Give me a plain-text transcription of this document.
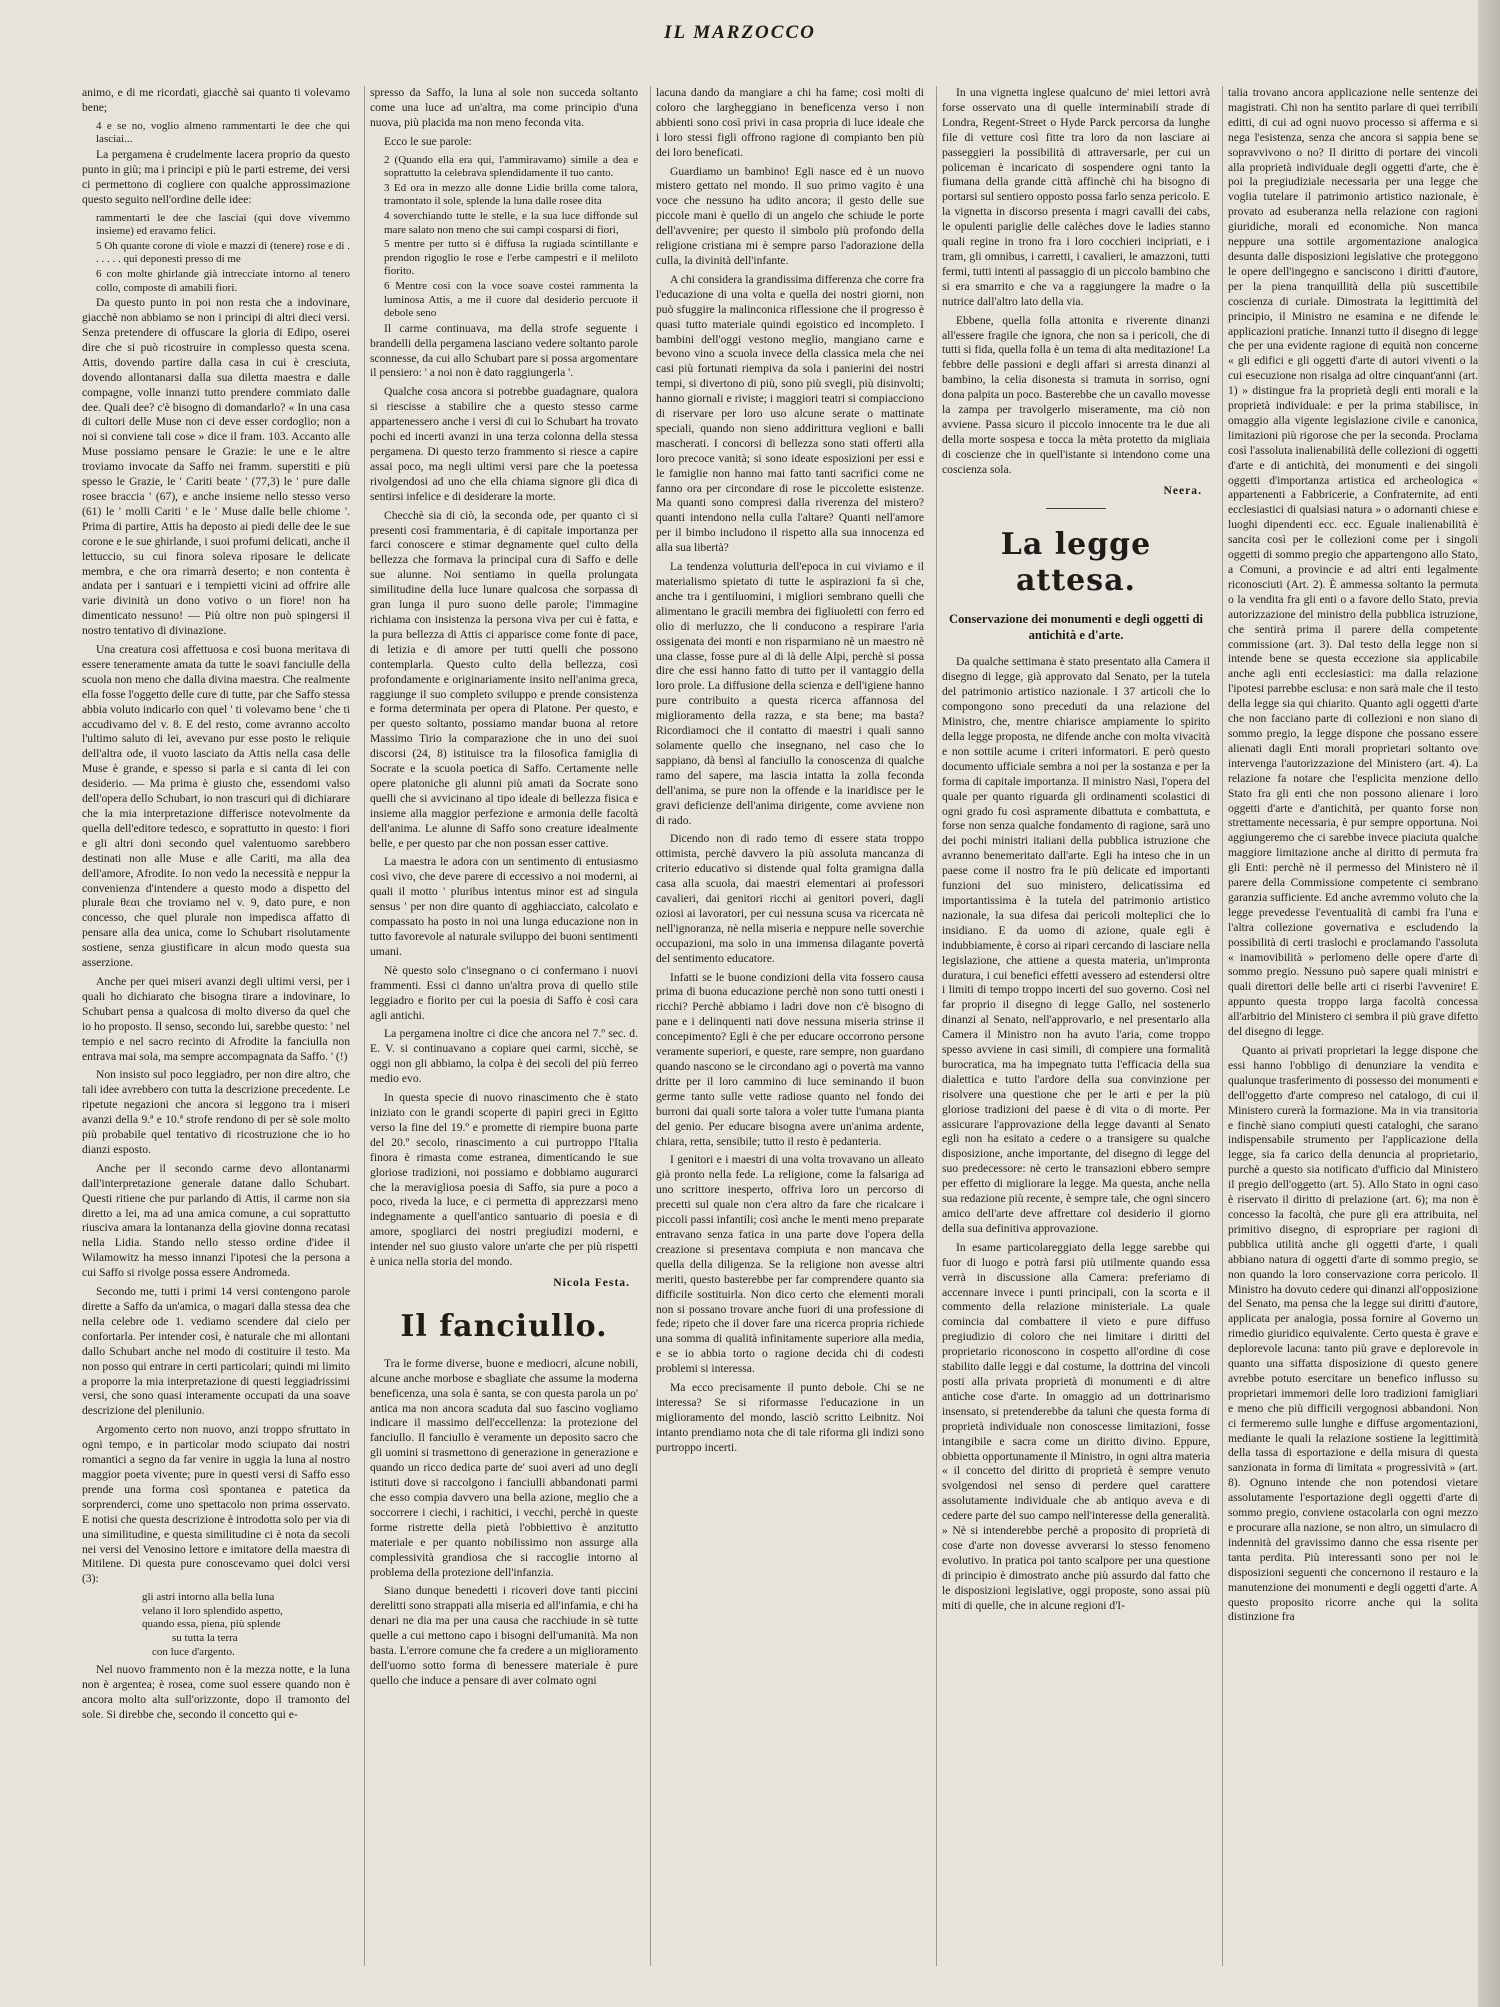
IL MARZOCCO

animo, e di me ricordati, giacchè sai quanto ti volevamo bene;

4 e se no, voglio almeno rammentarti le dee che qui lasciai...

La pergamena è crudelmente lacera proprio da questo punto in giù; ma i principi e più le parti estreme, dei versi ci permettono di cogliere con qualche approssimazione questo seguito nell'ordine delle idee:

rammentarti le dee che lasciai (qui dove vivemmo insieme) ed eravamo felici.

5 Oh quante corone di viole e mazzi di (tenere) rose e di . . . . . . qui deponesti presso di me

6 con molte ghirlande già intrecciate intorno al tenero collo, composte di amabili fiori.

Da questo punto in poi non resta che a indovinare, giacchè non abbiamo se non i principi di altri dieci versi. Senza pretendere di offuscare la gloria di Edipo, oserei dire che si può ricostruire in complesso questa scena. Attis, dovendo partire dalla casa in cui è cresciuta, dovendo allontanarsi dalla sua diletta maestra e dalle compagne, volle innanzi tutto prendere commiato dalle dee. Quali dee? c'è bisogno di domandarlo? « In una casa di cultori delle Muse non ci deve esser cordoglio; non a noi si conviene tali cose » dice il fram. 103. Accanto alle Muse possiamo pensare le Grazie: le une e le altre troviamo invocate da Saffo nei framm. superstiti e più spesso le Grazie, le ' Cariti beate ' (77,3) le ' pure dalle rosee braccia ' (67), e anche insieme nello stesso verso (61) le ' molli Cariti ' e le ' Muse dalle belle chiome '. Prima di partire, Attis ha deposto ai piedi delle dee le sue corone e le sue ghirlande, i suoi profumi delicati, anche il lettuccio, su cui finora soleva riposare le delicate membra, e che ora rimarrà deserto; e non contenta è andata per i santuari e i tempietti vicini ad offrire alle varie divinità un dono votivo o un fiore! non ha dimenticato nessuno! — Più oltre non può spingersi il nostro tentativo di divinazione.

Una creatura così affettuosa e così buona meritava di essere teneramente amata da tutte le soavi fanciulle della scuola non meno che dalla divina maestra. Che realmente ella fosse l'oggetto delle cure di tutte, par che Saffo stessa abbia voluto indicarlo con quel ' ti volevamo bene ' che ti accudivamo del v. 8. E del resto, come avranno accolto l'ultimo saluto di lei, avevano pur esse posto le reliquie dell'altra ode, il vuoto lasciato da Attis nella casa delle Muse è grande, e spesso si parla e si canta di lei con desiderio. — Ma prima è giusto che, essendomi valso dell'opera dello Schubart, io non trascuri qui di dichiarare che la mia interpretazione differisce notevolmente da quella dell'editore tedesco, e soprattutto in questo: i fiori e gli altri doni secondo quel valentuomo sarebbero destinati non alle Muse e alle Cariti, ma alla dea dell'amore, Afrodite. Io non vedo la necessità e neppur la convenienza d'intendere a questo modo a dispetto del plurale θεαι che troviamo nel v. 9, dato pure, e non concesso, che quel plurale non impedisca affatto di pensare alla dea unica, come lo Schubart risolutamente sostiene, senza giustificare in alcun modo questa sua asserzione.

Anche per quei miseri avanzi degli ultimi versi, per i quali ho dichiarato che bisogna tirare a indovinare, lo Schubart pensa a qualcosa di molto diverso da quel che io ho proposto. Il senso, secondo lui, sarebbe questo: ' nel tempio e nel sacro recinto di Afrodite la fanciulla non entrava mai sola, ma sempre accompagnata da Saffo. ' (!)

Non insisto sul poco leggiadro, per non dire altro, che tali idee avrebbero con tutta la descrizione precedente. Le ripetute negazioni che ancora si leggono tra i miseri avanzi della 9.ª e 10.ª strofe rendono di per sè sole molto più probabile quel tentativo di ricostruzione che io ho dianzi esposto.

Anche per il secondo carme devo allontanarmi dall'interpretazione generale datane dallo Schubart. Questi ritiene che pur parlando di Attis, il carme non sia diretto a lei, ma ad una amica comune, a cui soprattutto riusciva amara la lontananza della giovine donna recatasi nella Lidia. Stando nello stesso ordine d'idee il Wilamowitz ha messo innanzi l'ipotesi che la persona a cui Saffo si rivolge possa essere Andromeda.

Secondo me, tutti i primi 14 versi contengono parole dirette a Saffo da un'amica, o magari dalla stessa dea che nella celebre ode 1. vediamo scendere dal cielo per confortarla. Per intender così, è naturale che mi allontani dallo Schubart anche nel modo di costituire il testo. Ma non posso qui entrare in certi particolari; quindi mi limito a proporre la mia interpretazione di questi leggiadrissimi versi, che sono quasi interamente occupati da una soave descrizione del plenilunio.

Argomento certo non nuovo, anzi troppo sfruttato in ogni tempo, e in particolar modo sciupato dai nostri romantici a segno da far venire in uggia la luna al nostro maggior poeta vivente; pure in questi versi di Saffo esso prende una forma così spontanea e patetica da sorprenderci, come uno spettacolo non prima osservato. E notisi che questa descrizione è introdotta solo per via di una similitudine, e questa similitudine ci è nota da secoli nei versi del Venosino lettore e imitatore della maestra di Mitilene. Di questa pure conoscevamo quei dolci versi (3):

gli astri intorno alla bella luna
velano il loro splendido aspetto,
quando essa, piena, più splende
su tutta la terra
con luce d'argento.

Nel nuovo frammento non è la mezza notte, e la luna non è argentea; è rosea, come suol essere quando non è ancora molto alta sull'orizzonte, dopo il tramonto del sole. Si direbbe che, secondo il concetto qui e-

spresso da Saffo, la luna al sole non succeda soltanto come una luce ad un'altra, ma come principio d'una nuova, più placida ma non meno feconda vita.

Ecco le sue parole:

2 (Quando ella era qui, l'ammiravamo) simile a dea e soprattutto la celebrava splendidamente il tuo canto.

3 Ed ora in mezzo alle donne Lidie brilla come talora, tramontato il sole, splende la luna dalle rosee dita

4 soverchiando tutte le stelle, e la sua luce diffonde sul mare salato non meno che sui campi cosparsi di fiori,

5 mentre per tutto si è diffusa la rugiada scintillante e prendon rigoglio le rose e l'erbe campestri e il meliloto fiorito.

6 Mentre così con la voce soave costei rammenta la luminosa Attis, a me il cuore dal desiderio percuote il debole seno

Il carme continuava, ma della strofe seguente i brandelli della pergamena lasciano vedere soltanto parole sconnesse, da cui allo Schubart pare si possa argomentare il pensiero: ' a noi non è dato raggiungerla '.

Qualche cosa ancora si potrebbe guadagnare, qualora si riescisse a stabilire che a questo stesso carme appartenessero anche i versi di cui lo Schubart ha trovato pochi ed incerti avanzi in una terza colonna della stessa pergamena. Di questo terzo frammento si riesce a capire assai poco, ma negli ultimi versi pare che la poetessa rivolgendosi ad uno che ella chiama signore gli dica di sentirsi infelice e di desiderare la morte.

Checchè sia di ciò, la seconda ode, per quanto ci si presenti così frammentaria, è di capitale importanza per farci conoscere e stimar degnamente quel culto della bellezza che formava la principal cura di Saffo e delle sue alunne. Noi sentiamo in quella prolungata similitudine della luce lunare qualcosa che sorpassa di gran lunga il puro suono delle parole; l'immagine richiama con insistenza la persona viva per cui è fatta, e la pura bellezza di Attis ci apparisce come fonte di pace, di letizia e di amore per tutti quelli che possono contemplarla. Questo culto della bellezza, così profondamente e originariamente insito nell'anima greca, raggiunge il suo completo sviluppo e prende consistenza e forma determinata per opera di Platone. Per questo, e per questo soltanto, possiamo mandar buona al retore Massimo Tirio la comparazione che in uno dei suoi discorsi (24, 8) istituisce tra la filosofica famiglia di Socrate e la scuola poetica di Saffo. Certamente nelle opere platoniche gli alunni più amati da Socrate sono quelli che si avvicinano al tipo ideale di bellezza fisica e insieme alla maggior perfezione e armonia delle facoltà dell'anima. Le alunne di Saffo sono creature idealmente belle, e per questo par che non possan esser cattive.

La maestra le adora con un sentimento di entusiasmo così vivo, che deve parere di eccessivo a noi moderni, ai quali il motto ' pluribus intentus minor est ad singula sensus ' per non dire quanto di agghiacciato, calcolato e compassato ha posto in noi una lunga educazione non in tutto favorevole al naturale sviluppo dei buoni sentimenti umani.

Nè questo solo c'insegnano o ci confermano i nuovi frammenti. Essi ci danno un'altra prova di quello stile leggiadro e fiorito per cui la poesia di Saffo è così cara agli antichi.

La pergamena inoltre ci dice che ancora nel 7.º sec. d. E. V. si continuavano a copiare quei carmi, sicchè, se oggi non gli abbiamo, la colpa è dei secoli del più ferreo medio evo.

In questa specie di nuovo rinascimento che è stato iniziato con le grandi scoperte di papiri greci in Egitto verso la fine del 19.º e promette di riempire buona parte del 20.º secolo, rinascimento a cui purtroppo l'Italia finora è rimasta come estranea, dimenticando le sue gloriose tradizioni, noi possiamo e dobbiamo augurarci che la meravigliosa poesia di Saffo, sia pure a poco a poco, riveda la luce, e ci permetta di apprezzarsi meno indegnamente a quell'antico santuario di poesia e di amore, spogliarci dei nostri pregiudizi moderni, e intender nel suo giusto valore un'arte che per più rispetti è unica nella storia del mondo.

Nicola Festa.

Il fanciullo.

Tra le forme diverse, buone e mediocri, alcune nobili, alcune anche morbose e sbagliate che assume la moderna beneficenza, una sola è santa, se con questa parola un po' antica ma non ancora scaduta dal suo fascino vogliamo indicare il massimo dell'eccellenza: la protezione del fanciullo. Il fanciullo è veramente un deposito sacro che gli uomini si trasmettono di generazione in generazione e quando un ricco dedica parte de' suoi averi ad uno degli istituti dove si raccolgono i fanciulli abbandonati parmi che esso compia davvero una bella azione, meglio che a soccorrere i ciechi, i rachitici, i vecchi, perchè in queste forme ristrette della pietà l'obbiettivo è anzitutto materiale e per quanto nobilissimo non assurge alla complessività grandiosa che si raccoglie intorno al problema della protezione dell'infanzia.

Siano dunque benedetti i ricoveri dove tanti piccini derelitti sono strappati alla miseria ed all'infamia, e chi ha denari ne dia ma per una causa che racchiude in sè tutte quelle a cui mettono capo i bisogni dell'umanità. Ma non basta. L'errore comune che fa credere a un miglioramento dell'uomo sotto forma di benessere materiale è pure quello che induce a pensare di aver colmato ogni

lacuna dando da mangiare a chi ha fame; così molti di coloro che largheggiano in beneficenza verso i non abbienti sono così privi in casa propria di luce ideale che i loro stessi figli offrono ragione di compianto ben più dei loro beneficati.

Guardiamo un bambino! Egli nasce ed è un nuovo mistero gettato nel mondo. Il suo primo vagito è una voce che nessuno ha udito ancora; il gesto delle sue piccole mani è quello di un angelo che schiude le porte dell'avvenire; per questo il simbolo più profondo della religione cristiana mi è sempre parso l'adorazione della culla, la divinità dell'infante.

A chi considera la grandissima differenza che corre fra l'educazione di una volta e quella dei nostri giorni, non può sfuggire la malinconica riflessione che il progresso è quasi tutto materiale quindi egoistico ed incompleto. I bambini dell'oggi vestono meglio, mangiano carne e bevono vino a scuola invece della classica mela che nei casi più fortunati riempiva da sola i panierini dei nostri tempi, si divertono di più, sono più svegli, più disinvolti; hanno giornali e riviste; i maggiori teatri si compiacciono di riservare per loro uso alcune serate o mattinate speciali, quando non sieno addirittura veglioni e balli mascherati. I concorsi di bellezza sono stati offerti alla loro precoce vanità; si sono ideate esposizioni per essi e le famiglie non hanno mai fatto tanti sacrifici come ne fanno ora per circondare di rose le piccolette esistenze. Ma quanti sono compresi dalla riverenza del mistero? quanti intendono nella culla l'altare? Quanti nell'amore per il bimbo includono il rispetto alla sua innocenza ed alla sua libertà?

La tendenza volutturia dell'epoca in cui viviamo e il materialismo spietato di tutte le aspirazioni fa sì che, anche tra i gentiluomini, i migliori sembrano quelli che alimentano le gracili membra dei figliuoletti con ferro ed olio di merluzzo, che li conducono a respirare l'aria ossigenata dei monti e non risparmiano nè un maestro nè una classe, fosse pure al di là delle Alpi, perchè si possa dire che essi hanno fatto di tutto per il vantaggio della loro prole. La diffusione della scienza e dell'igiene hanno pure contribuito a questa ricerca affannosa del miglioramento della razza, e sta bene; ma basta? Ricordiamoci che il contatto di maestri i quali sanno solamente quello che insegnano, nel caso che lo sappiano, dà bensì al fanciullo la conoscenza di qualche ramo del sapere, ma lascia intatta la zolla feconda dell'anima, se pure non la offende e la inaridisce per le gravi deficienze dell'anima dirigente, come avviene non di rado.

Dicendo non di rado temo di essere stata troppo ottimista, perchè davvero la più assoluta mancanza di criterio educativo si distende qual folta gramigna dalla casa alla scuola, dai maestri elementari ai professori cavalieri, dai genitori ricchi ai genitori poveri, dagli oziosi ai lavoratori, per cui nessuna scusa va ricercata nè nell'ignoranza, nè nella miseria e neppure nelle soverchie occupazioni, ma solo in una immensa dilagante povertà del sentimento educatore.

Infatti se le buone condizioni della vita fossero causa prima di buona educazione perchè non sono tutti onesti i ricchi? Perchè abbiamo i ladri dove non c'è bisogno di pane e i delinquenti nati dove nessuna miseria strinse il concepimento? Egli è che per educare occorrono persone veramente superiori, e queste, rare sempre, non guardano quando nascono se le circondano agi o povertà ma vanno dritte per il loro cammino di luce seminando il buon germe tanto sulle vette radiose quanto nel fondo dei burroni dai quali sorte talora a voler tutte l'umana pianta del genio. Per educare bisogna avere un'anima ardente, chiara, retta, sensibile; tutto il resto è pedanteria.

I genitori e i maestri di una volta trovavano un alleato già pronto nella fede. La religione, come la falsariga ad uno scrittore inesperto, offriva loro un percorso di precetti sul quale non c'era altro da fare che ricalcare i piccoli passi infantili; così anche le menti meno preparate entravano senza fatica in una parte dove l'opera della creazione si presentava compiuta e non mancava che quella della diligenza. Se la religione non avesse altri meriti, questo basterebbe per far comprendere quanto sia difficile sostituirla. Non dico certo che elementi morali non si possano trovare anche fuori di una professione di fede; ripeto che il dover fare una ricerca propria richiede una somma di qualità infinitamente superiore alla media, e se io abbia torto o ragione decida chi di codesti problemi si interessa.

Ma ecco precisamente il punto debole. Chi se ne interessa? Se si riformasse l'educazione in un miglioramento del mondo, lasciò scritto Leibnitz. Noi intanto prendiamo nota che di tale riforma gli indizi sono purtroppo incerti.

In una vignetta inglese qualcuno de' miei lettori avrà forse osservato una di quelle interminabili strade di Londra, Regent-Street o Hyde Parck percorsa da lunghe file di vetture così fitte tra loro da non lasciare ai passeggieri la possibilità di attraversarle, per cui un policeman è incaricato di sospendere ogni tanto la fiumana della grande città affinchè chi ha bisogno di portarsi sul sentiero opposto possa farlo senza pericolo. E la vignetta in discorso presenta i magri cavalli dei cabs, le opulenti pariglie delle calèches dove le ladies stanno quali regine in trono fra i loro cocchieri incipriati, e i tram, gli omnibus, i carretti, i cavalieri, le amazzoni, tutti fermi, tutti intenti al passaggio di un piccolo bambino che si era smarrito e che va a raggiungere la madre o la nutrice dall'altro lato della via.

Ebbene, quella folla attonita e riverente dinanzi all'essere fragile che ignora, che non sa i pericoli, che di tutti si fida, quella folla è un tema di alta meditazione! La febbre delle passioni e degli affari si arresta dinanzi al bambino, la celia disonesta si tramuta in sorriso, ogni dona palpita un poco. Basterebbe che un cavallo movesse la zampa per travolgerlo miseramente, ma ciò non avviene. Passa sicuro il piccolo innocente tra le due ali della morte sospesa e tocca la mèta protetto da migliaia di coscienze che in quell'istante si intendono come una coscienza sola.

Neera.

La legge attesa.
Conservazione dei monumenti e degli oggetti di antichità e d'arte.

Da qualche settimana è stato presentato alla Camera il disegno di legge, già approvato dal Senato, per la tutela del patrimonio artistico nazionale. I 37 articoli che lo compongono sono preceduti da una relazione del Ministro, che, mentre chiarisce ampiamente lo spirito della legge proposta, ne difende anche con molta vivacità e non sottile acume i criteri informatori. E però questo documento ufficiale sembra a noi per la sostanza e per la forma di capitale importanza. Il ministro Nasi, l'opera del quale per quanto riguarda gli ordinamenti scolastici di ogni grado fu così aspramente dibattuta e combattuta, e forse non senza qualche fondamento di ragione, sarà uno dei pochi ministri italiani della pubblica istruzione che avranno benemeritato dall'arte. Egli ha inteso che in un paese come il nostro fra le più delicate ed importanti funzioni del suo ministero, delicatissima ed importantissima è la tutela del patrimonio artistico nazionale, la sua difesa dai pericoli molteplici che lo insidiano. E da uomo di azione, quale egli è indubbiamente, è corso ai ripari cercando di lasciare nella legislazione, che attiene a questa materia, un'impronta duratura, i cui benefici effetti avessero ad estendersi oltre i limiti di tempo troppo incerti del suo governo. Così nel far proprio il disegno di legge Gallo, nel sostenerlo dinanzi al Senato, nell'approvarlo, e nel presentarlo alla Camera il Ministro non ha avuto l'aria, come troppo spesso avviene in casi simili, di compiere una formalità burocratica, ma ha impegnato tutta l'efficacia della sua dialettica e tutto l'ardore della sua convinzione per risolvere una questione che per le arti e per la più gloriose tradizioni del paese è di vita o di morte. Per assicurare l'approvazione della legge davanti al Senato egli non ha esitato a cedere o a transigere su qualche disposizione, anche importante, del disegno di legge del suo predecessore: nè certo le transazioni ebbero sempre per effetto di migliorare la legge. Ma questa, anche nella sua redazione più recente, è sempre tale, che ogni sincero amico dell'arte deve affrettare col desiderio il giorno della sua definitiva approvazione.

In esame particolareggiato della legge sarebbe qui fuor di luogo e potrà farsi più utilmente quando essa verrà in discussione alla Camera: preferiamo di accennare invece i punti principali, con la scorta e il commento della relazione ministeriale. La quale comincia dal combattere il vieto e pure diffuso pregiudizio di coloro che nei limitare i diritti del proprietario riconoscono in cospetto all'ordine di cose stabilito dalle leggi e dal costume, la dottrina del vincoli posti alla privata proprietà di monumenti e di altre antiche cose d'arte. In omaggio ad un dottrinarismo insensato, si pretenderebbe da taluni che questa forma di proprietà individuale non conoscesse limitazioni, fosse intangibile e sacra come un diritto divino. Eppure, obbietta opportunamente il Ministro, in ogni altra materia « il concetto del diritto di proprietà è sempre venuto svolgendosi nel senso di perdere quel carattere assolutamente individuale che ab antiquo aveva e di cedere parte del suo campo nell'interesse della generalità. » Nè si intenderebbe perchè a proposito di proprietà di cose d'arte non dovesse avverarsi lo stesso fenomeno evolutivo. In pratica poi tanto scalpore per una questione di principio è dimostrato anche più assurdo dal fatto che le disposizioni legislative, oggi proposte, sono assai più miti di quelle, che in alcune regioni d'I-

talia trovano ancora applicazione nelle sentenze dei magistrati. Chi non ha sentito parlare di quei terribili editti, di cui ad ogni nuovo processo si afferma e si nega l'esistenza, senza che ancora si sappia bene se sopravvivono o no? Il diritto di portare dei vincoli alla proprietà individuale degli oggetti d'arte, che è poi la pregiudiziale necessaria per una legge che voglia tutelare il patrimonio artistico nazionale, è provato ad esuberanza nella relazione con ragioni giuridiche, morali ed economiche. Non manca neppure una sottile argomentazione analogica desunta dalle disposizioni legislative che proteggono le opere dell'ingegno e sanciscono i diritti d'autore, per la piena tranquillità della più suscettibile coscienza di curiale. Dimostrata la legittimità del principio, il Ministro ne esamina e ne difende le applicazioni pratiche. Innanzi tutto il disegno di legge che per una evidente ragione di equità non concerne « gli edifici e gli oggetti d'arte di autori viventi o la cui esecuzione non risalga ad oltre cinquant'anni (art. 1) » distingue fra la proprietà degli enti morali e la proprietà individuale: e per la prima stabilisce, in omaggio alla vigente legislazione civile e canonica, limitazioni più rigorose che per la seconda. Proclama così l'assoluta inalienabilità delle collezioni di oggetti d'arte e di antichità, dei monumenti e dei singoli oggetti d'importanza artistica ed archeologica « appartenenti a Fabbricerie, a Confraternite, ad enti ecclesiastici di qualsiasi natura » o adornanti chiese e luoghi dipendenti ecc. ecc. Eguale inalienabilità è sancita così per le collezioni come per i singoli oggetti di sommo pregio che appartengono allo Stato, a Comuni, a provincie e ad altri enti legalmente riconosciuti (Art. 2). È ammessa soltanto la permuta o la vendita fra gli enti o a favore dello Stato, previa autorizzazione del ministro della pubblica istruzione, che sentirà prima il parere della competente commissione (art. 3). Dal testo della legge non si intende bene se questa eccezione sia applicabile anche agli enti ecclesiastici: ma dalla relazione l'ipotesi parrebbe esclusa: e non sarà male che il testo della legge sia qui chiarito. Quanto agli oggetti d'arte che non facciano parte di collezioni e non siano di sommo pregio, la legge dispone che possano essere alienati dagli Enti morali proprietari soltanto ove intervenga l'autorizzazione del Ministero (art. 4). La relazione fa notare che l'esplicita menzione dello Stato fra gli enti che non possono alienare i loro oggetti d'arte e d'antichità, per quanto forse non strettamente necessaria, è pur sempre opportuna. Noi aggiungeremo che ci sarebbe invece piaciuta qualche maggiore limitazione anche al diritto di permuta fra gli Enti: perchè nè il permesso del Ministero nè il parere della Commissione competente ci sembrano garanzia sufficiente. Ed anche avremmo voluto che la legge prevedesse l'eventualità di cambi fra l'una e l'altra collezione governativa e escludendo la possibilità di certi traslochi e proclamando l'assoluta « inamovibilità » perlomeno delle opere d'arte di sommo pregio. Nessuno può sapere quali ministri e quali direttori delle belle arti ci riserbi l'avvenire! E appunto questa troppo larga facoltà concessa all'arbitrio del Ministero ci sembra il più grave difetto del disegno di legge.

Quanto ai privati proprietari la legge dispone che essi hanno l'obbligo di denunziare la vendita e qualunque trasferimento di possesso dei monumenti e dell'oggetto d'arte compreso nel catalogo, di cui il Ministero curerà la formazione. Ma in via transitoria e finchè siano compiuti questi cataloghi, che sarano indispensabile strumento per l'applicazione della legge, sia fa carico della denuncia al proprietario, purchè a questo sia notificato d'ufficio dal Ministero il pregio dell'oggetto (art. 5). Allo Stato in ogni caso è riservato il diritto di prelazione (art. 6); ma non è concesso la facoltà, che pure gli era attribuita, nel primitivo disegno, di espropriare per ragioni di pubblica utilità anche gli oggetti d'arte, i quali abbiano natura di oggetti d'arte di sommo pregio, se non quando la loro conservazione corra pericolo. Il Ministro ha dovuto cedere qui dinanzi all'opposizione del Senato, ma pensa che la legge sui diritti d'autore, applicata per analogia, possa fornire al Governo un rimedio giuridico equivalente. Certo questa è grave e deplorevole lacuna: tanto più grave e deplorevole in quanto una siffatta disposizione di questo genere avrebbe potuto esercitare un benefico influsso su proprietari immemori delle loro tradizioni famigliari e meno che più difficili vergognosi abbandoni. Non ci fermeremo sulle lunghe e diffuse argomentazioni, mediante le quali la relazione sostiene la legittimità della tassa di esportazione e della misura di questa sanzionata in forma di limitata « progressività » (art. 8). Ognuno intende che non potendosi vietare assolutamente l'esportazione degli oggetti d'arte di sommo pregio, conviene ostacolarla con ogni mezzo e procurare alla nazione, se non altro, un simulacro di indennità del gravissimo danno che essa risente per tanta perdita. Più interessanti sono per noi le disposizioni seguenti che concernono il restauro e la manutenzione dei monumenti e degli oggetti d'arte. A questo proposito ricorre anche qui la solita distinzione fra
